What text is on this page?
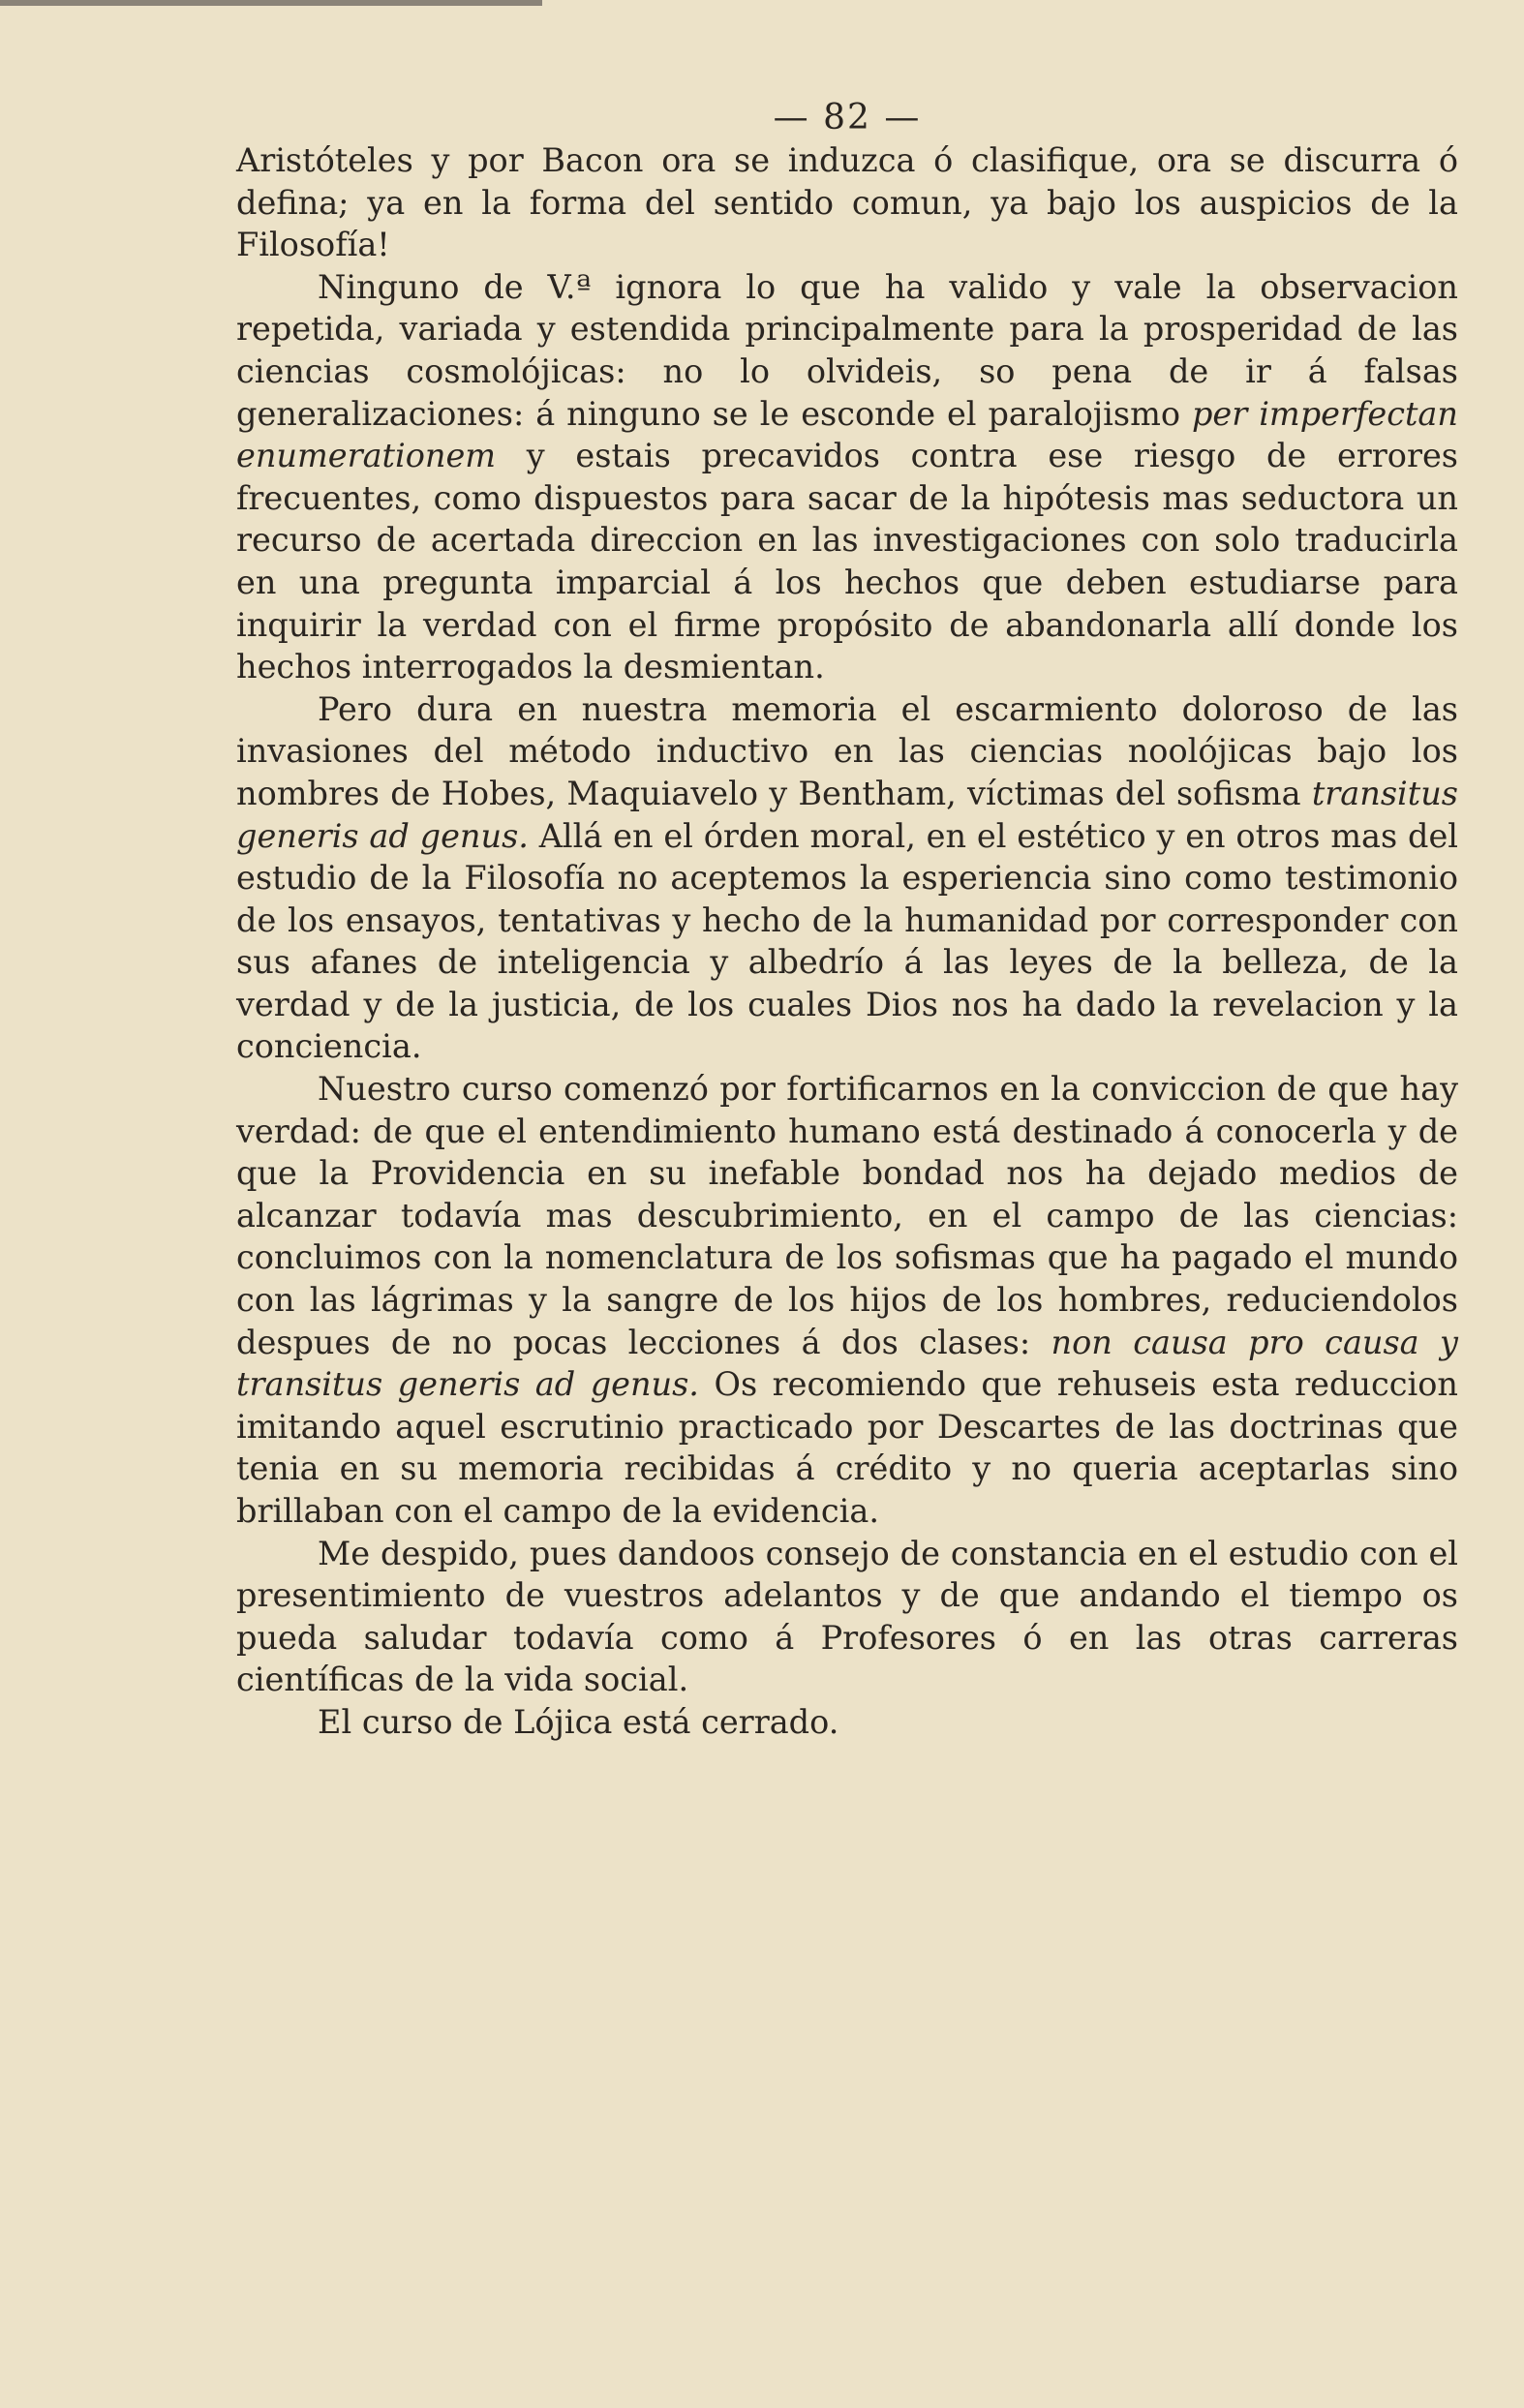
— 82 —

Aristóteles y por Bacon ora se induzca ó clasifique, ora se discurra ó defina; ya en la forma del sentido comun, ya bajo los auspicios de la Filosofía!

Ninguno de V.ª ignora lo que ha valido y vale la observacion repetida, variada y estendida principalmente para la prosperidad de las ciencias cosmolójicas: no lo olvideis, so pena de ir á falsas generalizaciones: á ninguno se le esconde el paralojismo per imperfectan enumerationem y estais precavidos contra ese riesgo de errores frecuentes, como dispuestos para sacar de la hipótesis mas seductora un recurso de acertada direccion en las investigaciones con solo traducirla en una pregunta imparcial á los hechos que deben estudiarse para inquirir la verdad con el firme propósito de abandonarla allí donde los hechos interrogados la desmientan.

Pero dura en nuestra memoria el escarmiento doloroso de las invasiones del método inductivo en las ciencias noolójicas bajo los nombres de Hobes, Maquiavelo y Bentham, víctimas del sofisma transitus generis ad genus. Allá en el órden moral, en el estético y en otros mas del estudio de la Filosofía no aceptemos la esperiencia sino como testimonio de los ensayos, tentativas y hecho de la humanidad por corresponder con sus afanes de inteligencia y albedrío á las leyes de la belleza, de la verdad y de la justicia, de los cuales Dios nos ha dado la revelacion y la conciencia.

Nuestro curso comenzó por fortificarnos en la conviccion de que hay verdad: de que el entendimiento humano está destinado á conocerla y de que la Providencia en su inefable bondad nos ha dejado medios de alcanzar todavía mas descubrimiento, en el campo de las ciencias: concluimos con la nomenclatura de los sofismas que ha pagado el mundo con las lágrimas y la sangre de los hijos de los hombres, reduciendolos despues de no pocas lecciones á dos clases: non causa pro causa y transitus generis ad genus. Os recomiendo que rehuseis esta reduccion imitando aquel escrutinio practicado por Descartes de las doctrinas que tenia en su memoria recibidas á crédito y no queria aceptarlas sino brillaban con el campo de la evidencia.

Me despido, pues dandoos consejo de constancia en el estudio con el presentimiento de vuestros adelantos y de que andando el tiempo os pueda saludar todavía como á Profesores ó en las otras carreras científicas de la vida social.

El curso de Lójica está cerrado.
